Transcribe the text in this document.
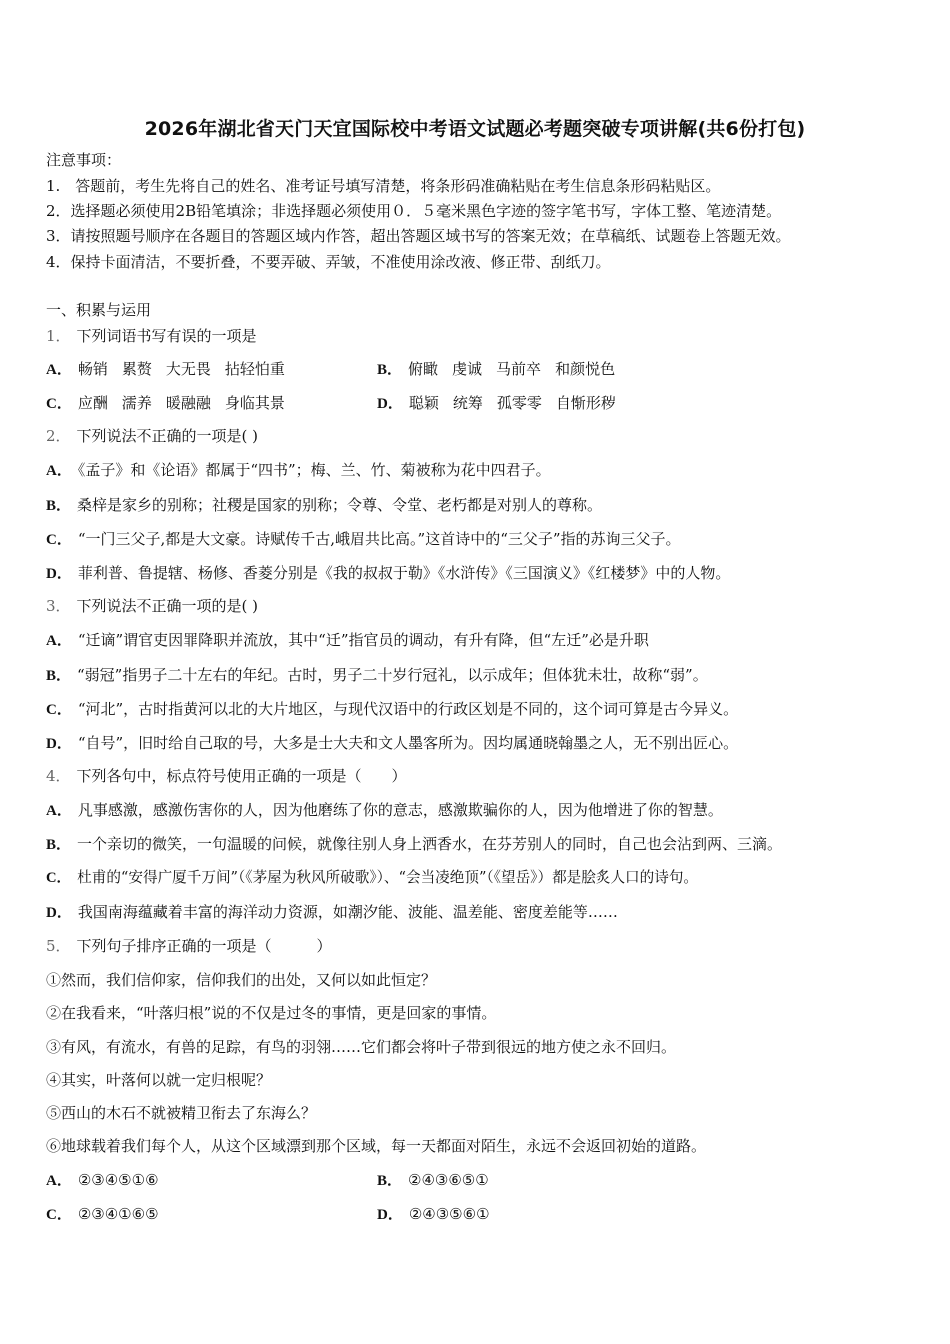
2026年湖北省天门天宜国际校中考语文试题必考题突破专项讲解(共6份打包)
注意事项：
1.　答题前，考生先将自己的姓名、准考证号填写清楚，将条形码准确粘贴在考生信息条形码粘贴区。
2．选择题必须使用2B铅笔填涂；非选择题必须使用０．５毫米黑色字迹的签字笔书写，字体工整、笔迹清楚。
3．请按照题号顺序在各题目的答题区域内作答，超出答题区域书写的答案无效；在草稿纸、试题卷上答题无效。
4．保持卡面清洁，不要折叠，不要弄破、弄皱，不准使用涂改液、修正带、刮纸刀。
一、积累与运用
1． 下列词语书写有误的一项是
A． 畅销 累赘 大无畏 拈轻怕重	B． 俯瞰 虔诚 马前卒 和颜悦色
C． 应酬 濡养 暖融融 身临其景	D． 聪颖 统筹 孤零零 自惭形秽
2． 下列说法不正确的一项是( )
A． 《孟子》和《论语》都属于“四书”；梅、兰、竹、菊被称为花中四君子。
B． 桑梓是家乡的别称；社稷是国家的别称；令尊、令堂、老朽都是对别人的尊称。
C． “一门三父子,都是大文豪。诗赋传千古,峨眉共比高。”这首诗中的“三父子”指的苏询三父子。
D． 菲利普、鲁提辖、杨修、香菱分别是《我的叔叔于勒》《水浒传》《三国演义》《红楼梦》中的人物。
3． 下列说法不正确一项的是( )
A． “迁谪”谓官吏因罪降职并流放，其中“迁”指官员的调动，有升有降，但“左迁”必是升职
B． “弱冠”指男子二十左右的年纪。古时，男子二十岁行冠礼，以示成年；但体犹未壮，故称“弱”。
C． “河北”，古时指黄河以北的大片地区，与现代汉语中的行政区划是不同的，这个词可算是古今异义。
D． “自号”，旧时给自己取的号，大多是士大夫和文人墨客所为。因均属通晓翰墨之人，无不别出匠心。
4． 下列各句中，标点符号使用正确的一项是（　　）
A． 凡事感激，感激伤害你的人，因为他磨练了你的意志，感激欺骗你的人，因为他增进了你的智慧。
B． 一个亲切的微笑，一句温暖的问候，就像往别人身上洒香水，在芬芳别人的同时，自己也会沾到两、三滴。
C． 杜甫的“安得广厦千万间”（《茅屋为秋风所破歌》）、“会当凌绝顶”（《望岳》）都是脍炙人口的诗句。
D． 我国南海蕴藏着丰富的海洋动力资源，如潮汐能、波能、温差能、密度差能等……
5． 下列句子排序正确的一项是（　　　）
①然而，我们信仰家，信仰我们的出处，又何以如此恒定？
②在我看来，“叶落归根”说的不仅是过冬的事情，更是回家的事情。
③有风，有流水，有兽的足踪，有鸟的羽翎……它们都会将叶子带到很远的地方使之永不回归。
④其实，叶落何以就一定归根呢？
⑤西山的木石不就被精卫衔去了东海么？
⑥地球载着我们每个人，从这个区域漂到那个区域，每一天都面对陌生，永远不会返回初始的道路。
A． ②③④⑤①⑥	B． ②④③⑥⑤①
C． ②③④①⑥⑤	D． ②④③⑤⑥①
